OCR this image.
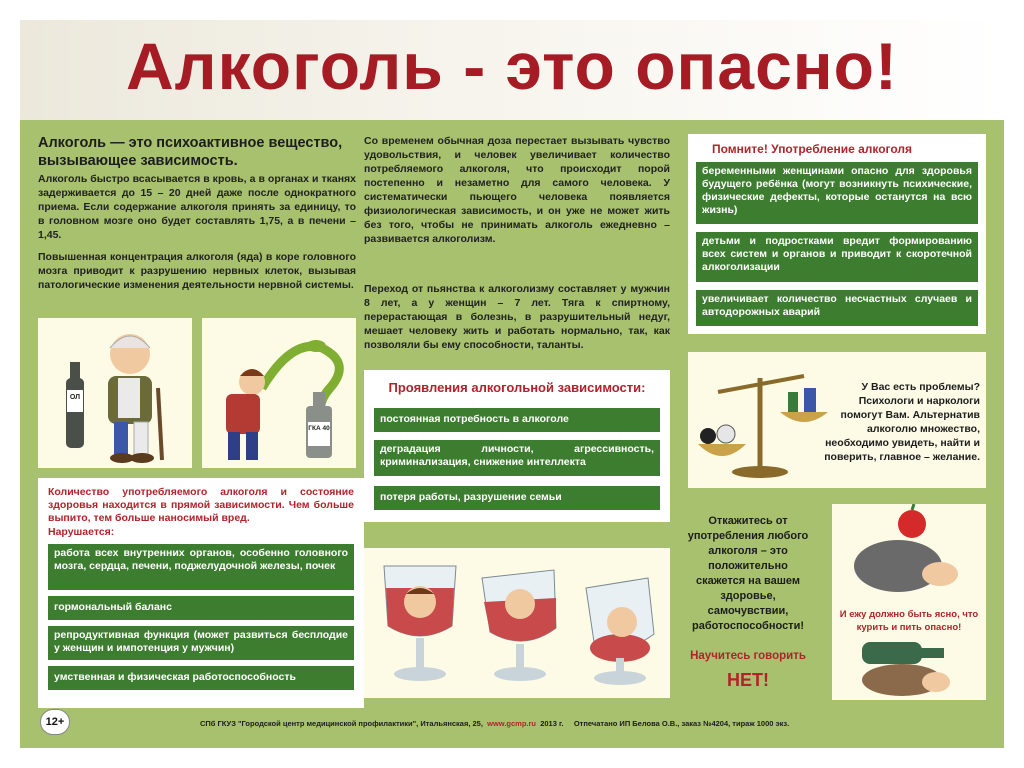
Алкоголь - это опасно!
Алкоголь — это психоактивное вещество, вызывающее зависимость.
Алкоголь быстро всасывается в кровь, а в органах и тканях задерживается до 15 – 20 дней даже после однократного приема. Если содержание алкоголя принять за единицу, то в головном мозге оно будет составлять 1,75, а в печени – 1,45.
Повышенная концентрация алкоголя (яда) в коре головного мозга приводит к разрушению нервных клеток, вызывая патологические изменения деятельности нервной системы.
ОЛ
ГКА 40
Количество употребляемого алкоголя и состояние здоровья находится в прямой зависимости. Чем больше выпито, тем больше наносимый вред.
Нарушается:
работа всех внутренних органов, особенно головного мозга, сердца, печени, поджелудочной железы, почек
гормональный баланс
репродуктивная функция (может развиться бесплодие у женщин и импотенция у мужчин)
умственная и физическая работоспособность
Со временем обычная доза перестает вызывать чувство удовольствия, и человек увеличивает количество потребляемого алкоголя, что происходит порой постепенно и незаметно для самого человека. У систематически пьющего человека появляется физиологическая зависимость, и он уже не может жить без того, чтобы не принимать алкоголь ежедневно – развивается алкоголизм.
Переход от пьянства к алкоголизму составляет у мужчин 8 лет, а у женщин – 7 лет. Тяга к спиртному, перерастающая в болезнь, в разрушительный недуг, мешает человеку жить и работать нормально, так, как позволяли бы ему способности, таланты.
Проявления алкогольной зависимости:
постоянная потребность в алкоголе
деградация личности, агрессивность, криминализация, снижение интеллекта
потеря работы, разрушение семьи
Помните! Употребление алкоголя
беременными женщинами опасно для здоровья будущего ребёнка (могут возникнуть психические, физические дефекты, которые останутся на всю жизнь)
детьми и подростками вредит формированию всех систем и органов и приводит к скоротечной алкоголизации
увеличивает количество несчастных случаев и автодорожных аварий
У Вас есть проблемы? Психологи и наркологи помогут Вам. Альтернатив алкоголю множество, необходимо увидеть, найти и поверить, главное – желание.
Откажитесь от употребления любого алкоголя – это положительно скажется на вашем здоровье, самочувствии, работоспособности!
Научитесь говорить
НЕТ!
И ежу должно быть ясно, что курить и пить опасно!
12+	СПб ГКУЗ "Городской центр медицинской профилактики", Итальянская, 25, www.gcmp.ru 2013 г. Отпечатано ИП Белова О.В., заказ №4204, тираж 1000 экз.
